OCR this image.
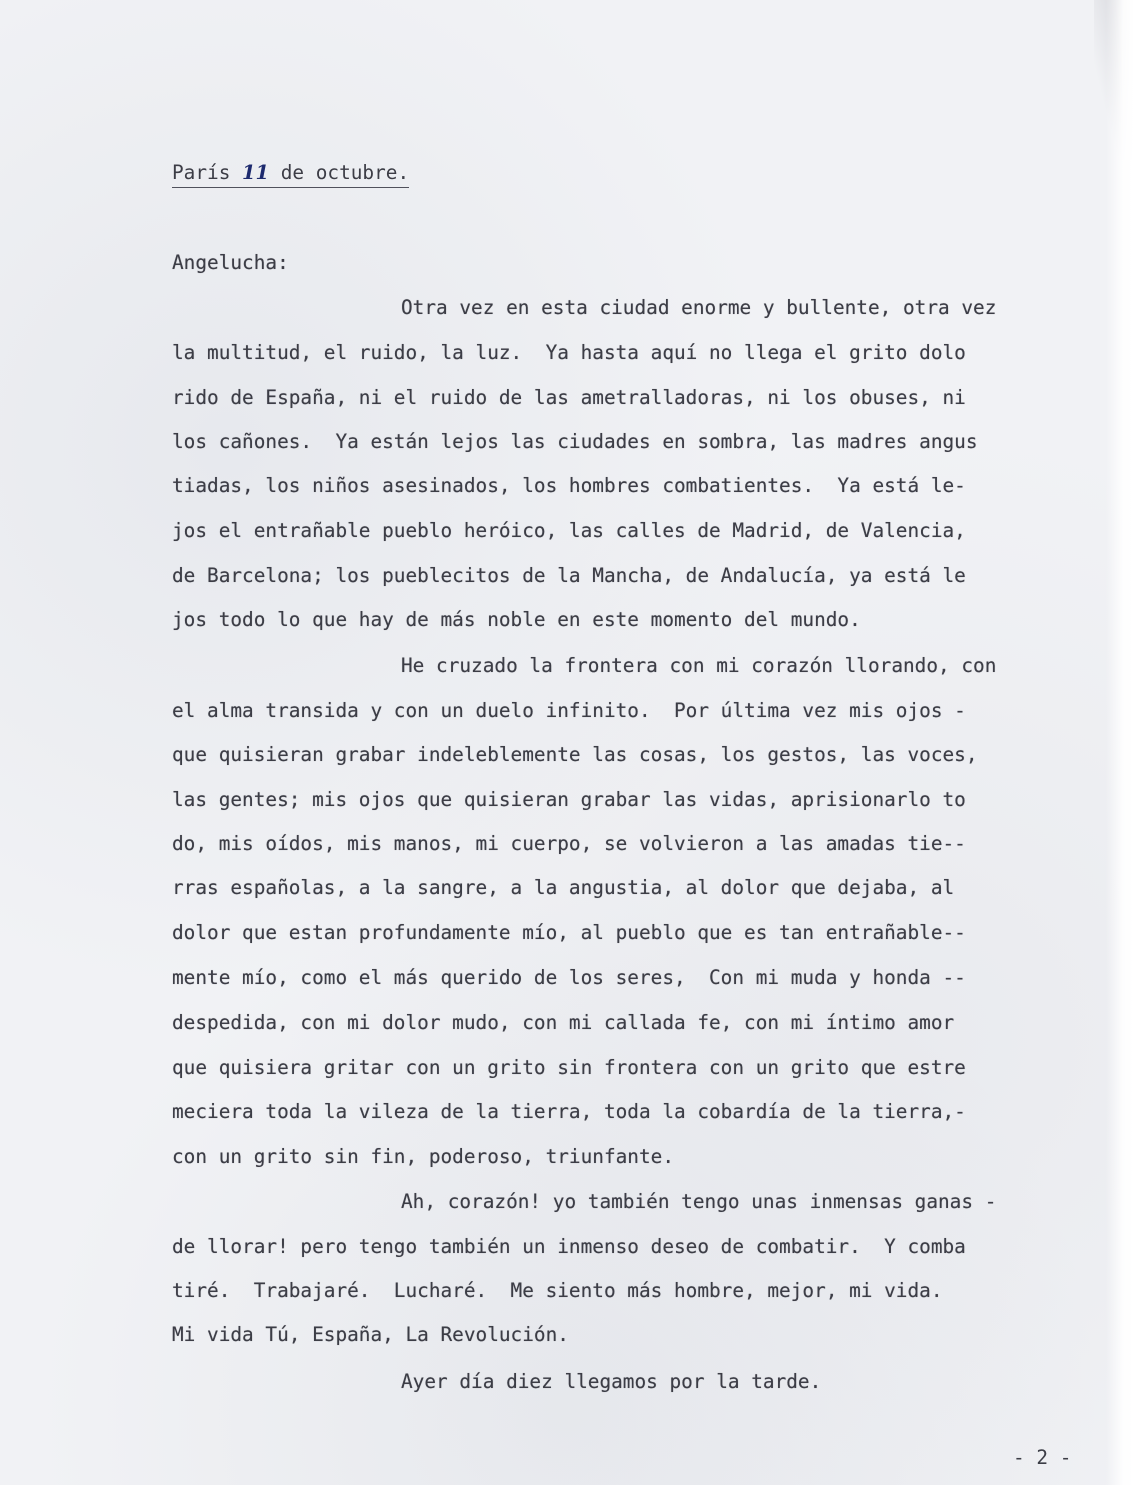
París 11 de octubre.

Angelucha:

Otra vez en esta ciudad enorme y bullente, otra vez

la multitud, el ruido, la luz.  Ya hasta aquí no llega el grito dolo

rido de España, ni el ruido de las ametralladoras, ni los obuses, ni

los cañones.  Ya están lejos las ciudades en sombra, las madres angus

tiadas, los niños asesinados, los hombres combatientes.  Ya está le-

jos el entrañable pueblo heróico, las calles de Madrid, de Valencia,

de Barcelona; los pueblecitos de la Mancha, de Andalucía, ya está le

jos todo lo que hay de más noble en este momento del mundo.

He cruzado la frontera con mi corazón llorando, con

el alma transida y con un duelo infinito.  Por última vez mis ojos -

que quisieran grabar indeleblemente las cosas, los gestos, las voces,

las gentes; mis ojos que quisieran grabar las vidas, aprisionarlo to

do, mis oídos, mis manos, mi cuerpo, se volvieron a las amadas tie--

rras españolas, a la sangre, a la angustia, al dolor que dejaba, al

dolor que estan profundamente mío, al pueblo que es tan entrañable--

mente mío, como el más querido de los seres,  Con mi muda y honda --

despedida, con mi dolor mudo, con mi callada fe, con mi íntimo amor

que quisiera gritar con un grito sin frontera con un grito que estre

meciera toda la vileza de la tierra, toda la cobardía de la tierra,-

con un grito sin fin, poderoso, triunfante.

Ah, corazón! yo también tengo unas inmensas ganas -

de llorar! pero tengo también un inmenso deseo de combatir.  Y comba

tiré.  Trabajaré.  Lucharé.  Me siento más hombre, mejor, mi vida.

Mi vida Tú, España, La Revolución.

Ayer día diez llegamos por la tarde.

- 2 -
